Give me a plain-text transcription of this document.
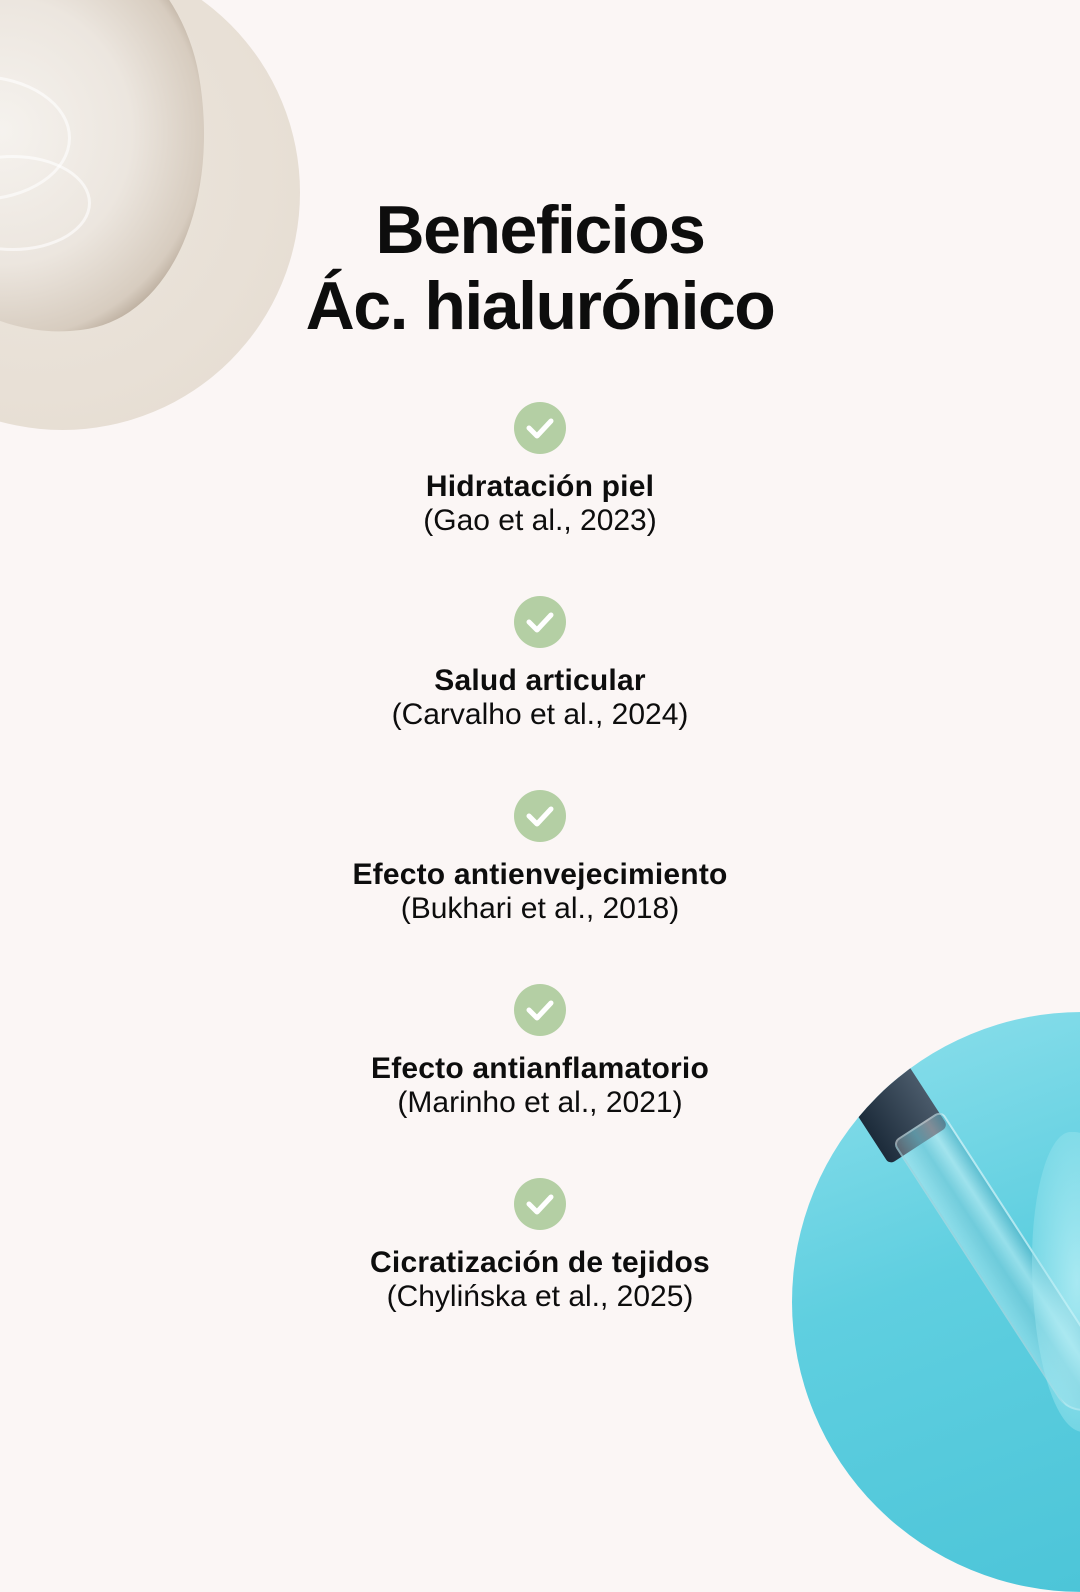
Beneficios
Ác. hialurónico
Hidratación piel
(Gao et al., 2023)
Salud articular
(Carvalho et al., 2024)
Efecto antienvejecimiento
(Bukhari et al., 2018)
Efecto antianflamatorio
(Marinho et al., 2021)
Cicratización de tejidos
(Chylińska et al., 2025)
